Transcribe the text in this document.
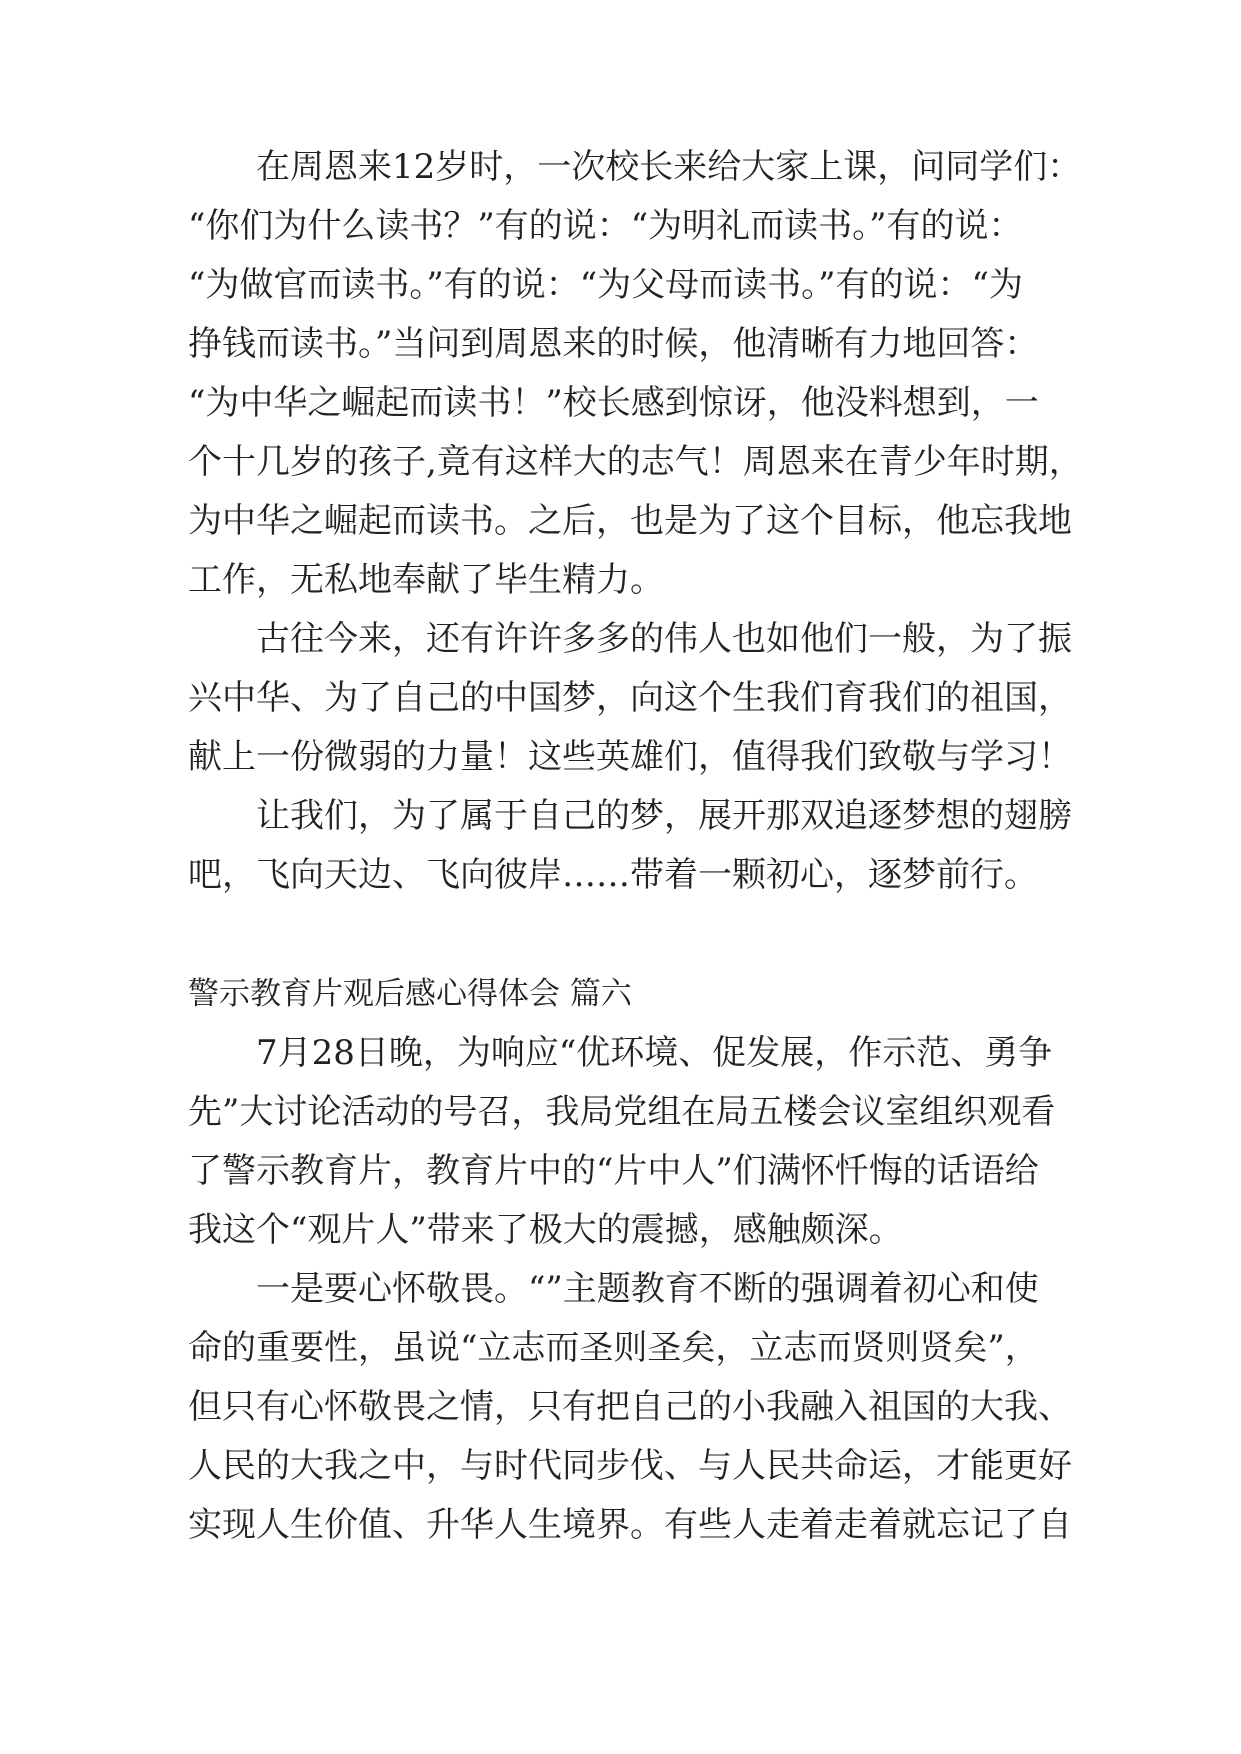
在周恩来12岁时，一次校长来给大家上课，问同学们：
“你们为什么读书？”有的说：“为明礼而读书。”有的说：
“为做官而读书。”有的说：“为父母而读书。”有的说：“为
挣钱而读书。”当问到周恩来的时候，他清晰有力地回答：
“为中华之崛起而读书！”校长感到惊讶，他没料想到，一
个十几岁的孩子,竟有这样大的志气！周恩来在青少年时期，
为中华之崛起而读书。之后，也是为了这个目标，他忘我地
工作，无私地奉献了毕生精力。
古往今来，还有许许多多的伟人也如他们一般，为了振
兴中华、为了自己的中国梦，向这个生我们育我们的祖国，
献上一份微弱的力量！这些英雄们，值得我们致敬与学习！
让我们，为了属于自己的梦，展开那双追逐梦想的翅膀
吧，飞向天边、飞向彼岸……带着一颗初心，逐梦前行。
警示教育片观后感心得体会 篇六
7月28日晚，为响应“优环境、促发展，作示范、勇争
先”大讨论活动的号召，我局党组在局五楼会议室组织观看
了警示教育片，教育片中的“片中人”们满怀忏悔的话语给
我这个“观片人”带来了极大的震撼，感触颇深。
一是要心怀敬畏。“”主题教育不断的强调着初心和使
命的重要性，虽说“立志而圣则圣矣，立志而贤则贤矣”，
但只有心怀敬畏之情，只有把自己的小我融入祖国的大我、
人民的大我之中，与时代同步伐、与人民共命运，才能更好
实现人生价值、升华人生境界。有些人走着走着就忘记了自
